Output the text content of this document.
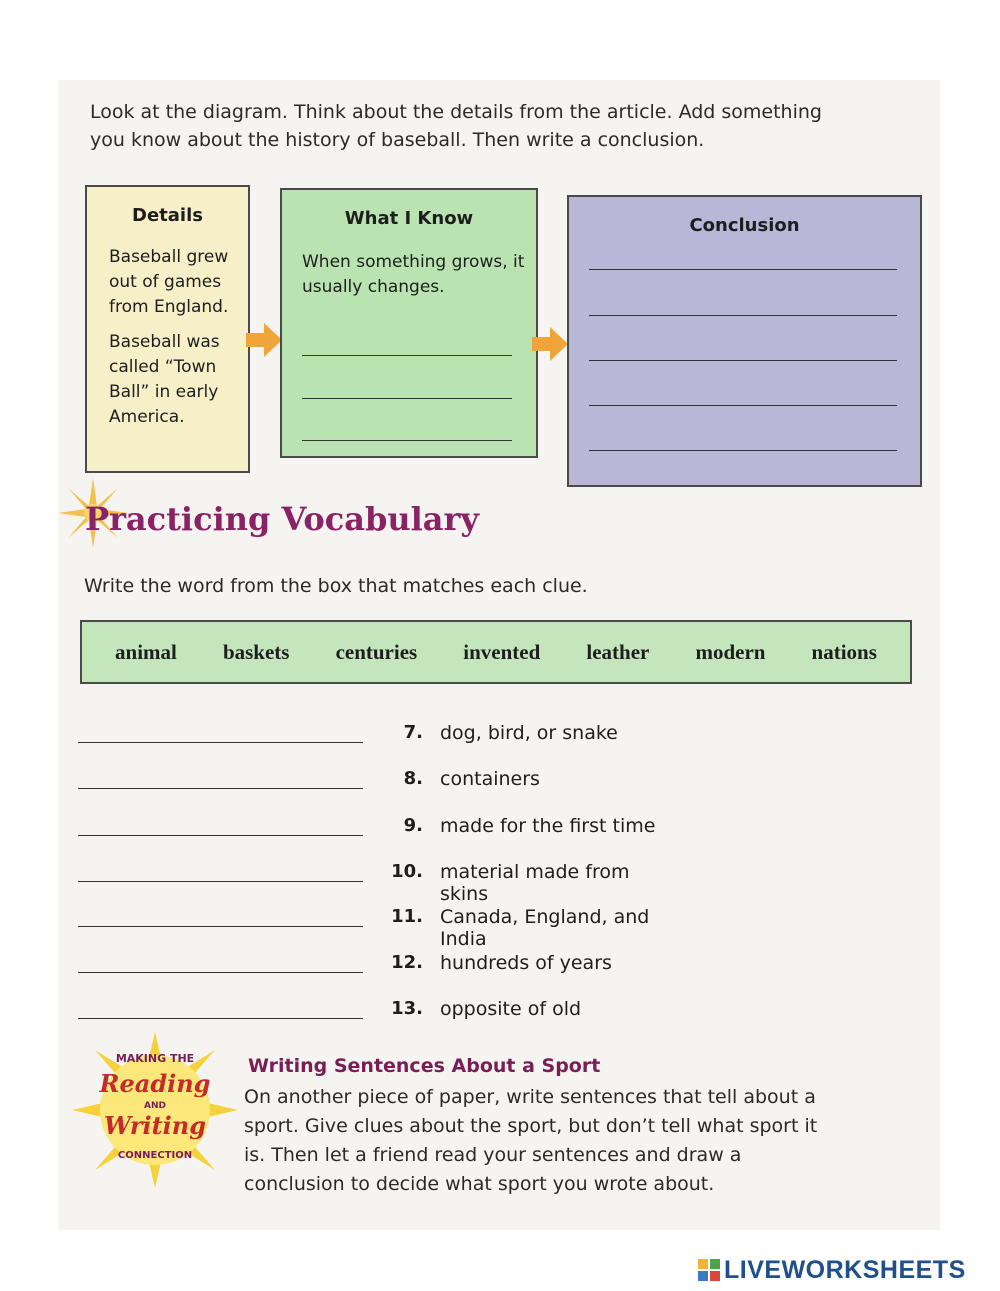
Look at the diagram. Think about the details from the article. Add something you know about the history of baseball. Then write a conclusion.
Details
Baseball grew out of games from England.
Baseball was called “Town Ball” in early America.
What I Know
When something grows, it usually changes.
Conclusion
Practicing Vocabulary
Write the word from the box that matches each clue.
animal baskets centuries invented leather modern nations
7. dog, bird, or snake
8. containers
9. made for the first time
10. material made from skins
11. Canada, England, and India
12. hundreds of years
13. opposite of old
MAKING THE
Reading
AND
Writing
CONNECTION
Writing Sentences About a Sport
On another piece of paper, write sentences that tell about a sport. Give clues about the sport, but don’t tell what sport it is. Then let a friend read your sentences and draw a conclusion to decide what sport you wrote about.
LIVEWORKSHEETS
